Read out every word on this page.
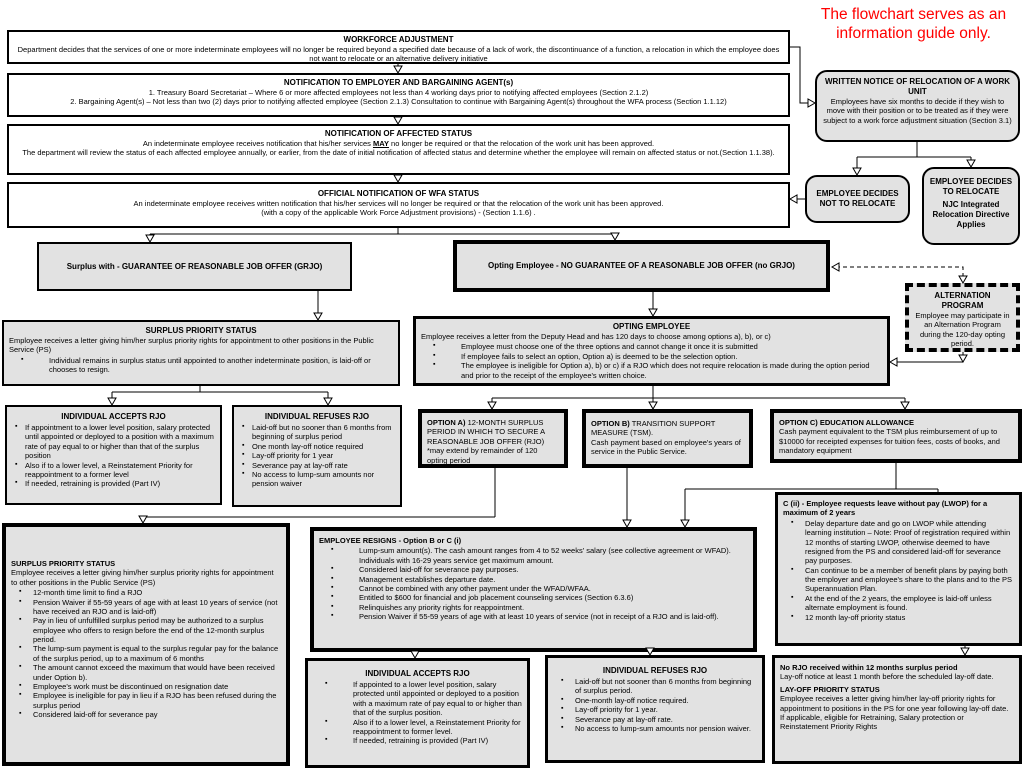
The flowchart serves as an information guide only.
WORKFORCE ADJUSTMENT
Department decides that the services of one or more indeterminate employees will no longer be required beyond a specified date because of a lack of work, the discontinuance of a function, a relocation in which the employee does not want to relocate or an alternative delivery initiative
NOTIFICATION TO EMPLOYER AND BARGAINING AGENT(s)
1. Treasury Board Secretariat – Where 6 or more affected employees not less than 4 working days prior to notifying affected employees (Section 2.1.2)
2. Bargaining Agent(s) – Not less than two (2) days prior to notifying affected employee (Section 2.1.3) Consultation to continue with Bargaining Agent(s) throughout the WFA process (Section 1.1.12)
NOTIFICATION OF AFFECTED STATUS
An indeterminate employee receives notification that his/her services MAY no longer be required or that the relocation of the work unit has been approved.
The department will review the status of each affected employee annually, or earlier, from the date of initial notification of affected status and determine whether the employee will remain on affected status or not.(Section 1.1.38).
OFFICIAL NOTIFICATION OF WFA STATUS
An indeterminate employee receives written notification that his/her services will no longer be required or that the relocation of the work unit has been approved.
(with a copy of the applicable Work Force Adjustment provisions) - (Section 1.1.6) .
WRITTEN NOTICE OF RELOCATION OF A WORK UNIT
Employees have six months to decide if they wish to move with their position or to be treated as if they were subject to a work force adjustment situation (Section 3.1)
EMPLOYEE DECIDES NOT TO RELOCATE
EMPLOYEE DECIDES TO RELOCATE
NJC Integrated Relocation Directive Applies
Surplus with - GUARANTEE OF REASONABLE JOB OFFER (GRJO)	Opting Employee - NO GUARANTEE OF A REASONABLE JOB OFFER (no GRJO)
ALTERNATION PROGRAM
Employee may participate in an Alternation Program during the 120-day opting period.
SURPLUS PRIORITY STATUS
Employee receives a letter giving him/her surplus priority rights for appointment to other positions in the Public Service (PS)
▪ Individual remains in surplus status until appointed to another indeterminate position, is laid-off or chooses to resign.
OPTING EMPLOYEE
Employee receives a letter from the Deputy Head and has 120 days to choose among options a), b), or c)
▪ Employee must choose one of the three options and cannot change it once it is submitted
▪ If employee fails to select an option, Option a) is deemed to be the selection option.
▪ The employee is ineligible for Option a), b) or c) if a RJO which does not require relocation is made during the option period and prior to the receipt of the employee's written choice.
INDIVIDUAL ACCEPTS RJO
▪ If appointment to a lower level position, salary protected until appointed or deployed to a position with a maximum rate of pay equal to or higher than that of the surplus position
▪ Also if to a lower level, a Reinstatement Priority for reappointment to a former level
▪ If needed, retraining is provided (Part IV)
INDIVIDUAL REFUSES RJO
▪ Laid-off but no sooner than 6 months from beginning of surplus period
▪ One month lay-off notice required
▪ Lay-off priority for 1 year
▪ Severance pay at lay-off rate
▪ No access to lump-sum amounts nor pension waiver
OPTION A) 12-MONTH SURPLUS PERIOD IN WHICH TO SECURE A REASONABLE JOB OFFER (RJO)
*may extend by remainder of 120 opting period
OPTION B) TRANSITION SUPPORT MEASURE (TSM).
Cash payment based on employee's years of service in the Public Service.
OPTION C) EDUCATION ALLOWANCE
Cash payment equivalent to the TSM plus reimbursement of up to $10000 for receipted expenses for tuition fees, costs of books, and mandatory equipment
C (ii) - Employee requests leave without pay (LWOP) for a maximum of 2 years
▪ Delay departure date and go on LWOP while attending learning institution – Note: Proof of registration required within 12 months of starting LWOP, otherwise deemed to have resigned from the PS and considered laid-off for severance pay purposes.
▪ Can continue to be a member of benefit plans by paying both the employer and employee's share to the plans and to the PS Superannuation Plan.
▪ At the end of the 2 years, the employee is laid-off unless alternate employment is found.
▪ 12 month lay-off priority status
SURPLUS PRIORITY STATUS
Employee receives a letter giving him/her surplus priority rights for appointment to other positions in the Public Service (PS)
▪ 12-month time limit to find a RJO
▪ Pension Waiver if 55-59 years of age with at least 10 years of service (not have received an RJO and is laid-off)
▪ Pay in lieu of unfulfilled surplus period may be authorized to a surplus employee who offers to resign before the end of the 12-month surplus period.
▪ The lump-sum payment is equal to the surplus regular pay for the balance of the surplus period, up to a maximum of 6 months
▪ The amount cannot exceed the maximum that would have been received under Option b).
▪ Employee's work must be discontinued on resignation date
▪ Employee is ineligible for pay in lieu if a RJO has been refused during the surplus period
▪ Considered laid-off for severance pay
EMPLOYEE RESIGNS - Option B or C (i)
▪ Lump-sum amount(s). The cash amount ranges from 4 to 52 weeks' salary (see collective agreement or WFAD). Individuals with 16-29 years service get maximum amount.
▪ Considered laid-off for severance pay purposes.
▪ Management establishes departure date.
▪ Cannot be combined with any other payment under the WFAD/WFAA.
▪ Entitled to $600 for financial and job placement counseling services (Section 6.3.6)
▪ Relinquishes any priority rights for reappointment.
▪ Pension Waiver if 55-59 years of age with at least 10 years of service (not in receipt of a RJO and is laid-off).
INDIVIDUAL ACCEPTS RJO
▪ If appointed to a lower level position, salary protected until appointed or deployed to a position with a maximum rate of pay equal to or higher than that of the surplus position.
▪ Also if to a lower level, a Reinstatement Priority for reappointment to former level.
▪ If needed, retraining is provided (Part IV)
INDIVIDUAL REFUSES RJO
▪ Laid-off but not sooner than 6 months from beginning of surplus period.
▪ One-month lay-off notice required.
▪ Lay-off priority for 1 year.
▪ Severance pay at lay-off rate.
▪ No access to lump-sum amounts nor pension waiver.
No RJO received within 12 months surplus period
Lay-off notice at least 1 month before the scheduled lay-off date.
LAY-OFF PRIORITY STATUS
Employee receives a letter giving him/her lay-off priority rights for appointment to positions in the PS for one year following lay-off date.
If applicable, eligible for Retraining, Salary protection or Reinstatement Priority Rights
